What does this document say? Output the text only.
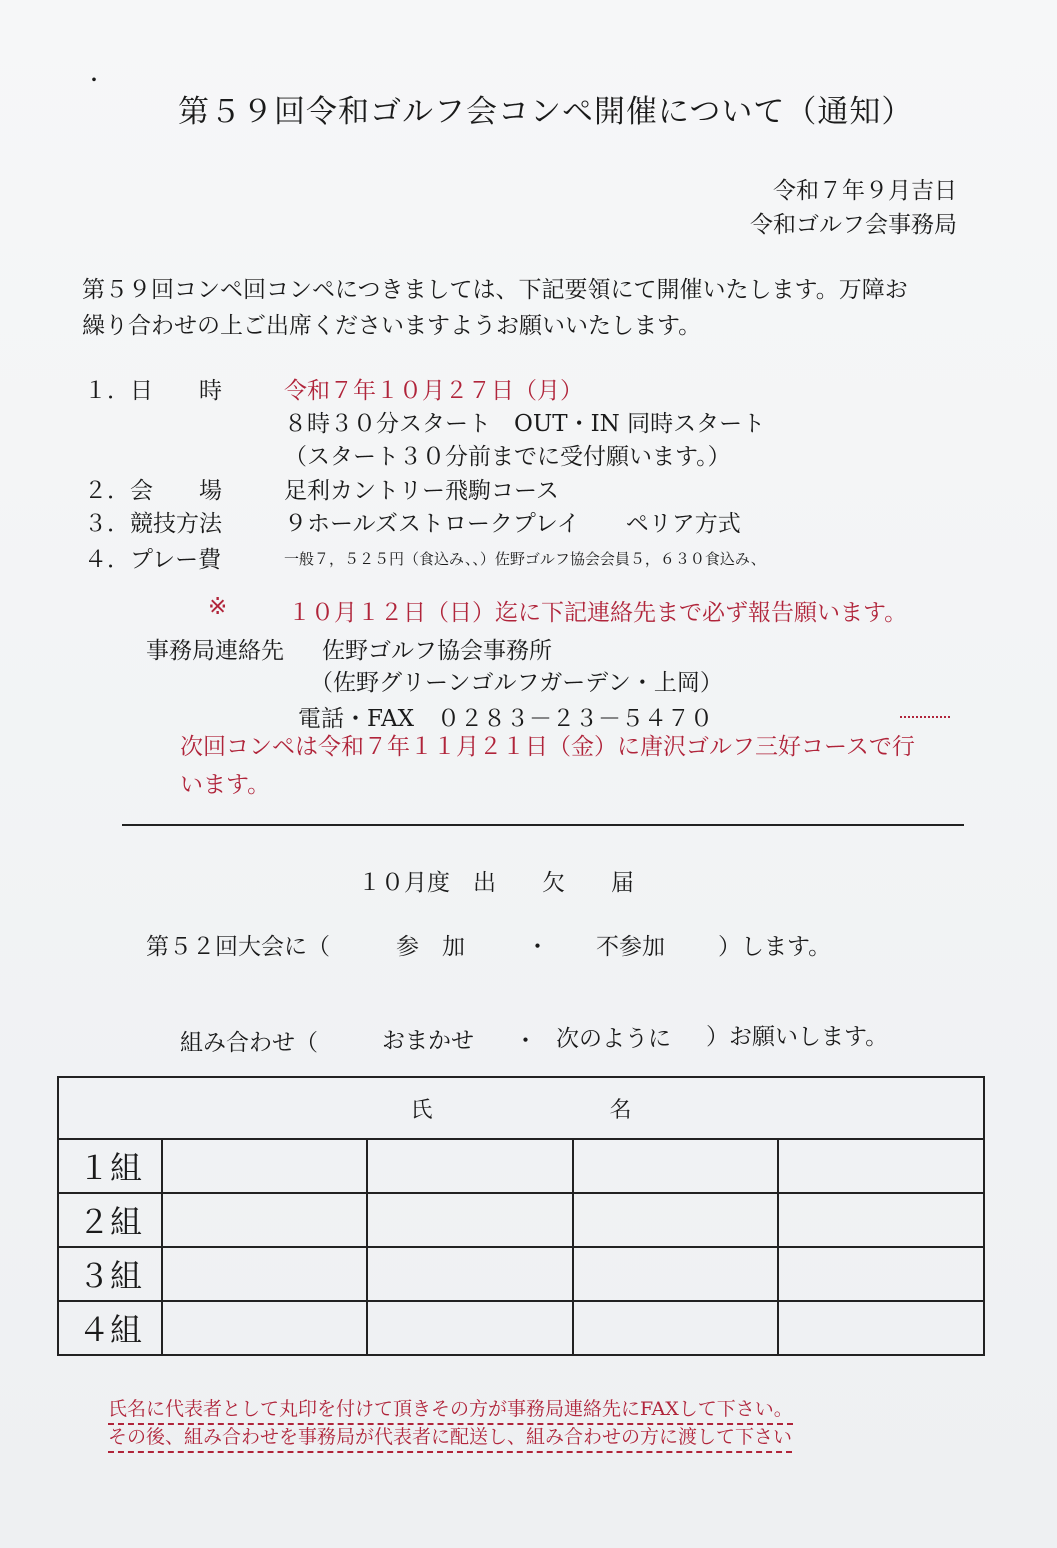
・
第５９回令和ゴルフ会コンペ開催について（通知）
令和７年９月吉日
令和ゴルフ会事務局
第５９回コンペ回コンペにつきましては、下記要領にて開催いたします。万障お
繰り合わせの上ご出席くださいますようお願いいたします。
１．日　　時	令和７年１０月２７日（月）
８時３０分スタート　OUT・IN 同時スタート
（スタート３０分前までに受付願います。）
２．会　　場	足利カントリー飛駒コース
３．競技方法	９ホールズストロークプレイ　　ペリア方式
４．プレー費	一般７，５２５円（食込み、、）佐野ゴルフ協会会員５，６３０食込み、
※	１０月１２日（日）迄に下記連絡先まで必ず報告願います。
事務局連絡先 佐野ゴルフ協会事務所
（佐野グリーンゴルフガーデン・上岡）
電話・FAX　０２８３－２３－５４７０
次回コンペは令和７年１１月２１日（金）に唐沢ゴルフ三好コースで行
います。
１０月度　出　　欠　　届
第５２回大会に（	参　加	・ 不参加 ）します。
組み合わせ（	おまかせ ・ 次のように ）お願いします。
氏 名				
１組				
２組				
３組				
４組				
氏名に代表者として丸印を付けて頂きその方が事務局連絡先にFAXして下さい。
その後、組み合わせを事務局が代表者に配送し、組み合わせの方に渡して下さい
